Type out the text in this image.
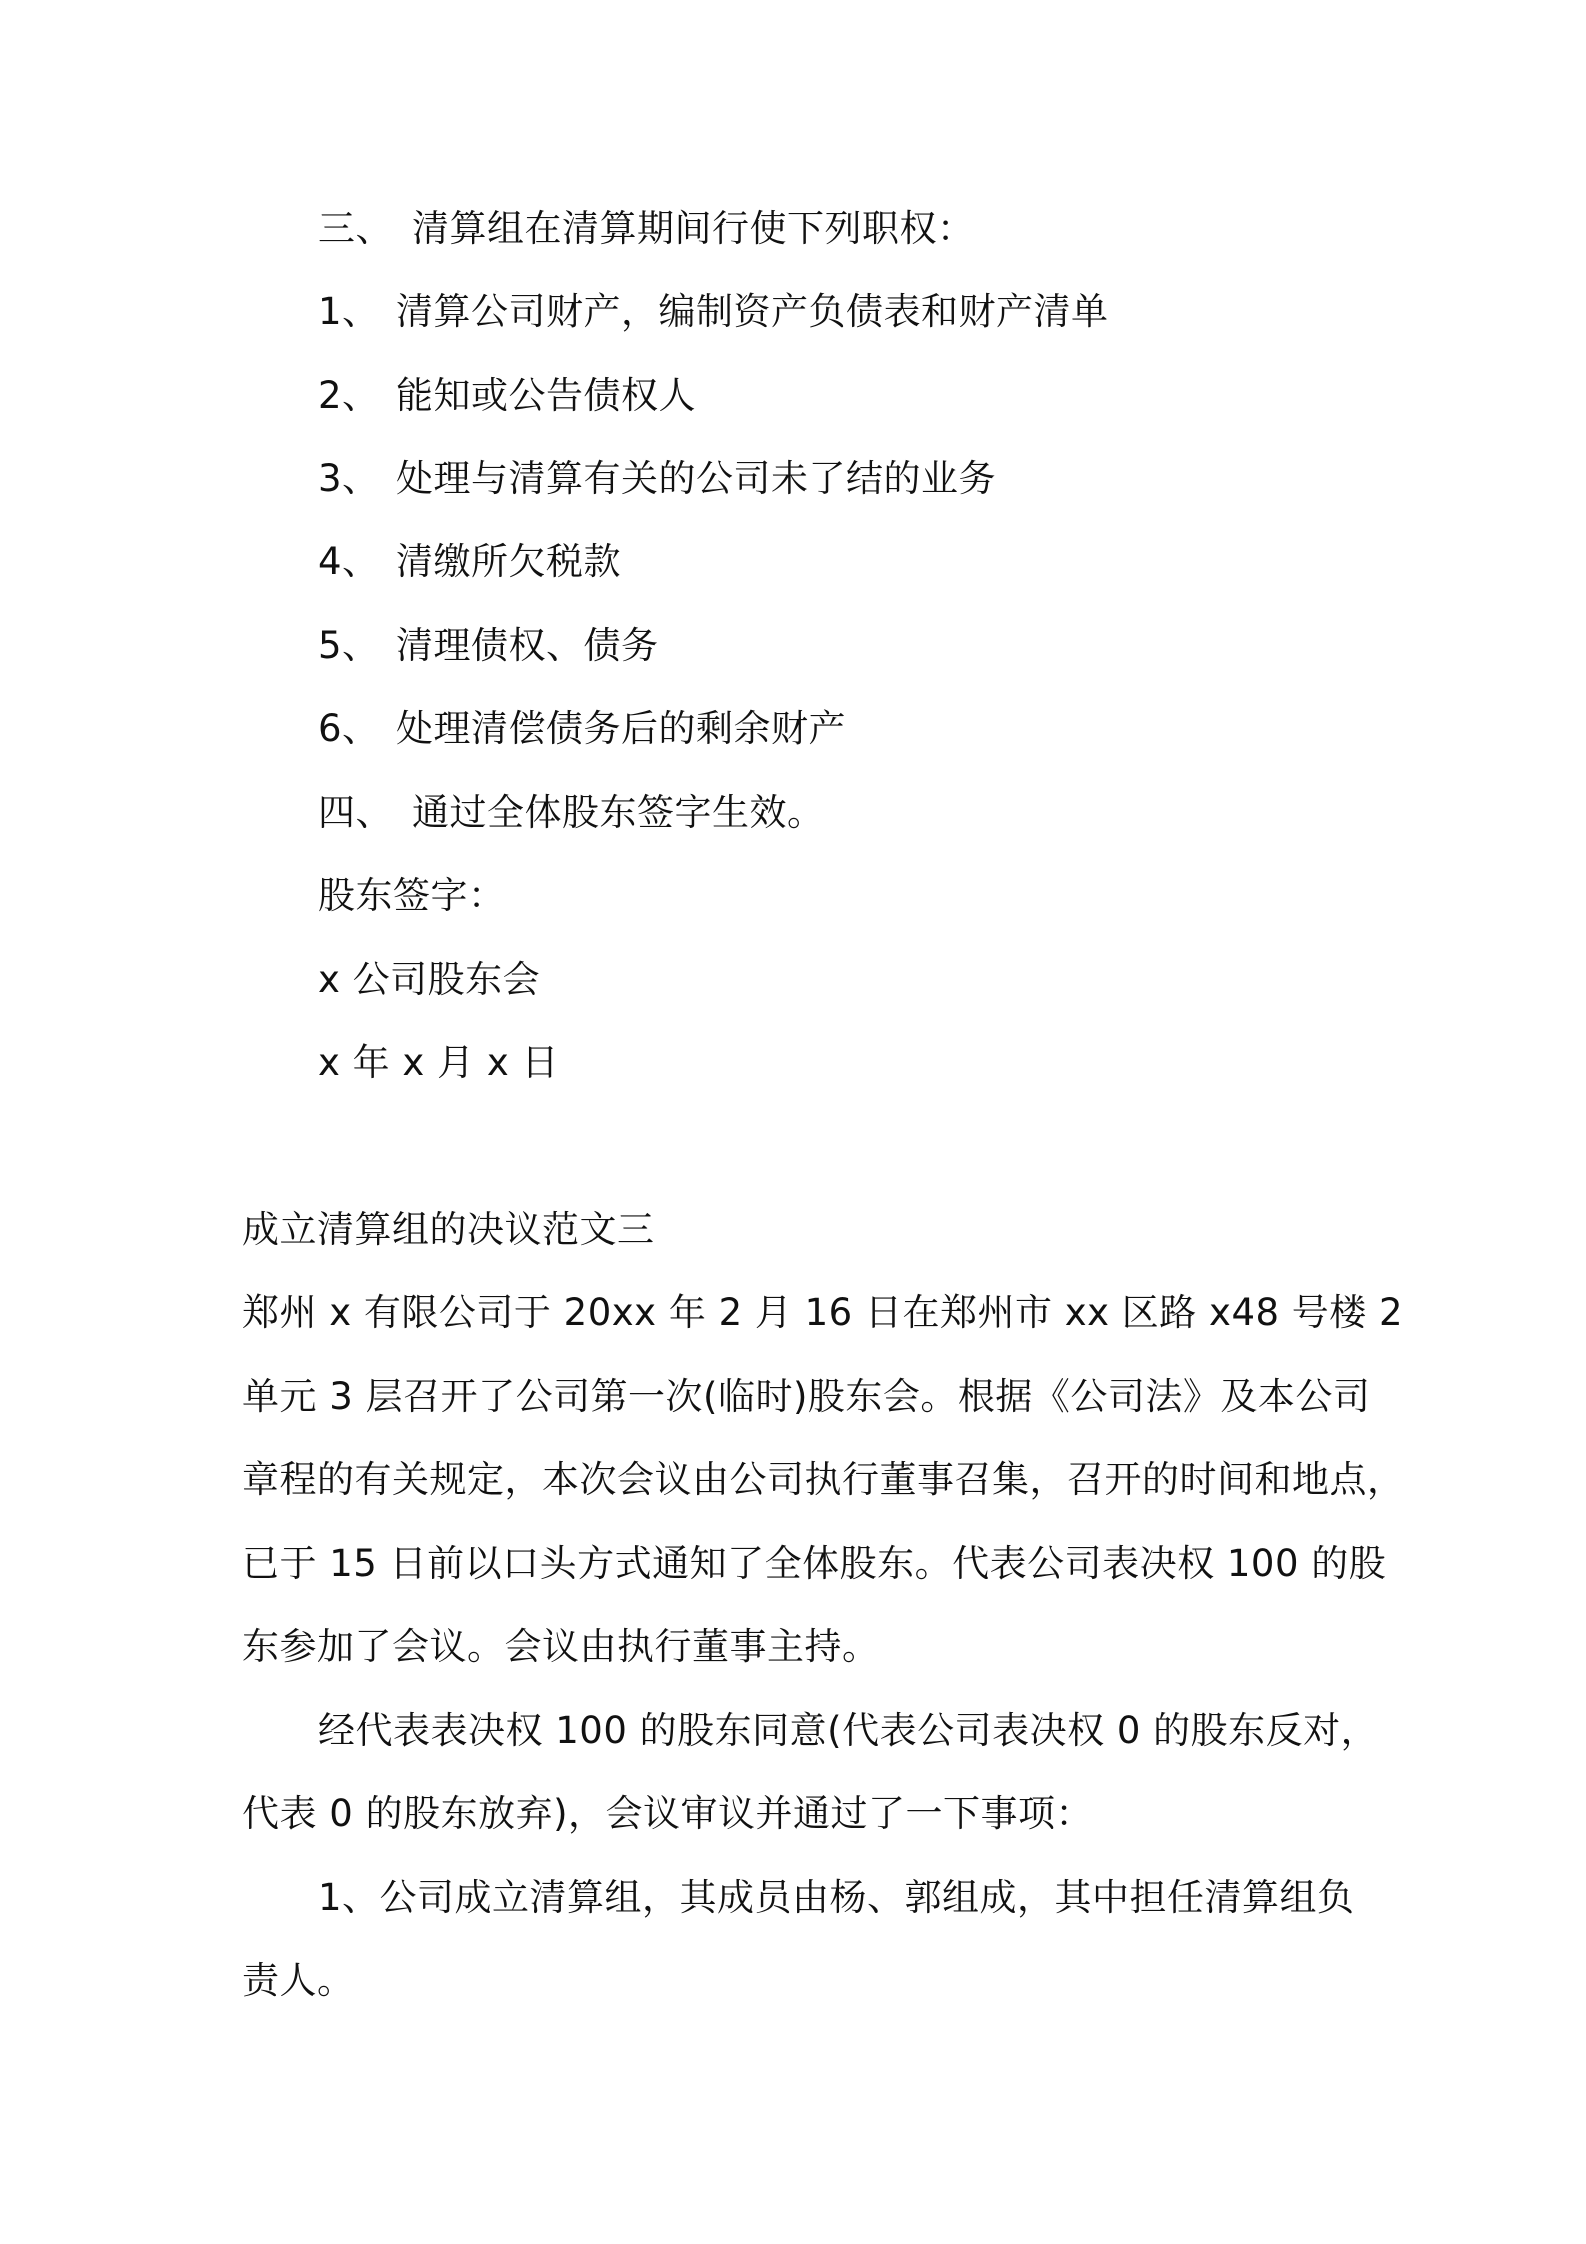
三、 清算组在清算期间行使下列职权：
1、 清算公司财产，编制资产负债表和财产清单
2、 能知或公告债权人
3、 处理与清算有关的公司未了结的业务
4、 清缴所欠税款
5、 清理债权、债务
6、 处理清偿债务后的剩余财产
四、 通过全体股东签字生效。
股东签字：
x 公司股东会
x 年 x 月 x 日
成立清算组的决议范文三
郑州 x 有限公司于 20xx 年 2 月 16 日在郑州市 xx 区路 x48 号楼 2
单元 3 层召开了公司第一次(临时)股东会。根据《公司法》及本公司
章程的有关规定，本次会议由公司执行董事召集，召开的时间和地点，
已于 15 日前以口头方式通知了全体股东。代表公司表决权 100 的股
东参加了会议。会议由执行董事主持。
经代表表决权 100 的股东同意(代表公司表决权 0 的股东反对，
代表 0 的股东放弃)，会议审议并通过了一下事项：
1、公司成立清算组，其成员由杨、郭组成，其中担任清算组负
责人。
